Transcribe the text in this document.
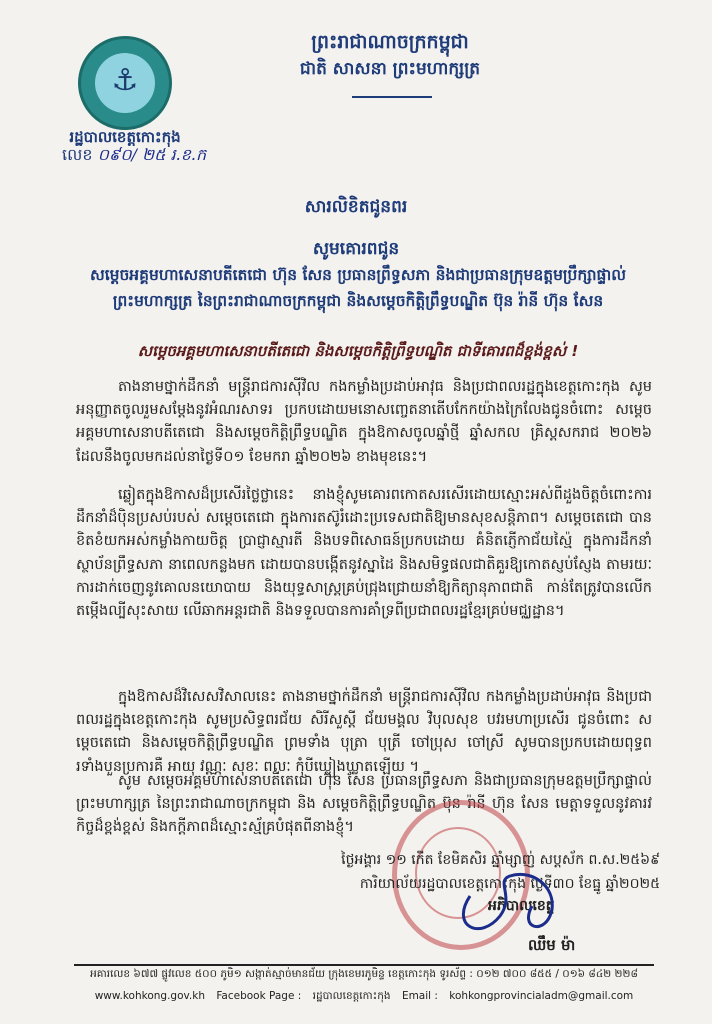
⚓
រដ្ឋបាលខេត្តកោះកុង
លេខ ០៩០/ ២៥ រ.ខ.ក
ព្រះរាជាណាចក្រកម្ពុជា
ជាតិ សាសនា ព្រះមហាក្សត្រ
សារលិខិតជូនពរ
សូមគោរពជូន
សម្តេចអគ្គមហាសេនាបតីតេជោ ហ៊ុន សែន ប្រធានព្រឹទ្ធសភា និងជាប្រធានក្រុមឧត្តមប្រឹក្សាផ្ទាល់ព្រះមហាក្សត្រ នៃព្រះរាជាណាចក្រកម្ពុជា និងសម្តេចកិត្តិព្រឹទ្ធបណ្ឌិត ប៊ុន រ៉ានី ហ៊ុន សែន
សម្តេចអគ្គមហាសេនាបតីតេជោ និងសម្តេចកិត្តិព្រឹទ្ធបណ្ឌិត ជាទីគោរពដ៏ខ្ពង់ខ្ពស់ !
តាងនាមថ្នាក់ដឹកនាំ មន្ត្រីរាជការស៊ីវិល កងកម្លាំងប្រដាប់អាវុធ និងប្រជាពលរដ្ឋក្នុងខេត្តកោះកុង សូមអនុញ្ញាតចូលរួមសម្តែងនូវអំណរសាទរ ប្រកបដោយមនោសញ្ចេតនាតើបកែកយ៉ាងក្រៃលែងជូនចំពោះ សម្តេចអគ្គមហាសេនាបតីតេជោ និងសម្តេចកិត្តិព្រឹទ្ធបណ្ឌិត ក្នុងឱកាសចូលឆ្នាំថ្មី ឆ្នាំសកល គ្រិស្តសករាជ ២០២៦ ដែលនឹងចូលមកដល់នាថ្ងៃទី០១ ខែមករា ឆ្នាំ២០២៦ ខាងមុខនេះ។
ឆ្លៀតក្នុងឱកាសដ៏ប្រសើរថ្លៃថ្លានេះ នាងខ្ញុំសូមគោរពកោតសរសើរដោយស្មោះអស់ពីដួងចិត្តចំពោះការដឹកនាំដ៏ប៉ិនប្រសប់របស់ សម្តេចតេជោ ក្នុងការតស៊ូរំដោះប្រទេសជាតិឱ្យមានសុខសន្តិភាព។ សម្តេចតេជោ បានខិតខំយកអស់កម្លាំងកាយចិត្ត ប្រាជ្ញាស្មារតី និងបទពិសោធន៍ប្រកបដោយ គំនិតភ្ញើកាជ័យស្ម៉ៃ ក្នុងការដឹកនាំស្ថាប័នព្រឹទ្ធសភា នាពេលកន្លងមក ដោយបានបង្កើតនូវស្នាដៃ និងសមិទ្ធផលជាតិគួរឱ្យកោតស្ញប់ស្ញែង តាមរយៈការដាក់ចេញនូវគោលនយោបាយ និងយុទ្ធសាស្ត្រគ្រប់ជ្រុងជ្រោយនាំឱ្យកិត្យានុភាពជាតិ កាន់តែត្រូវបានលើកតម្កើងល្បីសុះសាយ លើឆាកអន្តរជាតិ និងទទួលបានការគាំទ្រពីប្រជាពលរដ្ឋខ្មែរគ្រប់មជ្ឈដ្ឋាន។
ក្នុងឱកាសដ៏វិសេសវិសាលនេះ តាងនាមថ្នាក់ដឹកនាំ មន្ត្រីរាជការស៊ីវិល កងកម្លាំងប្រដាប់អាវុធ និងប្រជាពលរដ្ឋក្នុងខេត្តកោះកុង សូមប្រសិទ្ធពរជ័យ សិរីសួស្តី ជ័យមង្គល វិបុលសុខ បវរមហាប្រសើរ ជូនចំពោះ សម្តេចតេជោ និងសម្តេចកិត្តិព្រឹទ្ធបណ្ឌិត ព្រមទាំង បុត្រា បុត្រី ចៅប្រុស ចៅស្រី សូមបានប្រកបដោយពុទ្ធពរទាំងបួនប្រការគឺ អាយុ វណ្ណៈ សុខៈ ពលៈ កុំបីឃ្លៀងឃ្លាតឡើយ ។
សូម សម្តេចអគ្គមហាសេនាបតីតេជោ ហ៊ុន សែន ប្រធានព្រឹទ្ធសភា និងជាប្រធានក្រុមឧត្តមប្រឹក្សាផ្ទាល់ព្រះមហាក្សត្រ នៃព្រះរាជាណាចក្រកម្ពុជា និង សម្តេចកិត្តិព្រឹទ្ធបណ្ឌិត ប៊ុន រ៉ានី ហ៊ុន សែន មេត្តាទទួលនូវគារវកិច្ចដ៏ខ្ពង់ខ្ពស់ និងកក្តីភាពដ៏ស្មោះស្ម័គ្របំផុតពីនាងខ្ញុំ។
ថ្ងៃអង្គារ ១១ កើត ខែមិគសិរ ឆ្នាំម្សាញ់ សប្តស័ក ព.ស.២៥៦៩
ការិយាល័យរដ្ឋបាលខេត្តកោះកុង ថ្ងៃទី៣០ ខែធ្នូ ឆ្នាំ២០២៥
អភិបាលខេត្ត
ឈឹម ម៉ា
អគារលេខ ៦៧៧ ផ្លូវលេខ ៥០០ ភូមិ១ សង្កាត់ស្មាច់មានជ័យ ក្រុងខេមរភូមិន្ទ ខេត្តកោះកុង ទូរស័ព្ទ : ០១២ ៧០០ ៨៥៥ / ០១៦ ៨៤២ ២២៨
www.kohkong.gov.kh Facebook Page : រដ្ឋបាលខេត្តកោះកុង Email : kohkongprovincialadm@gmail.com
